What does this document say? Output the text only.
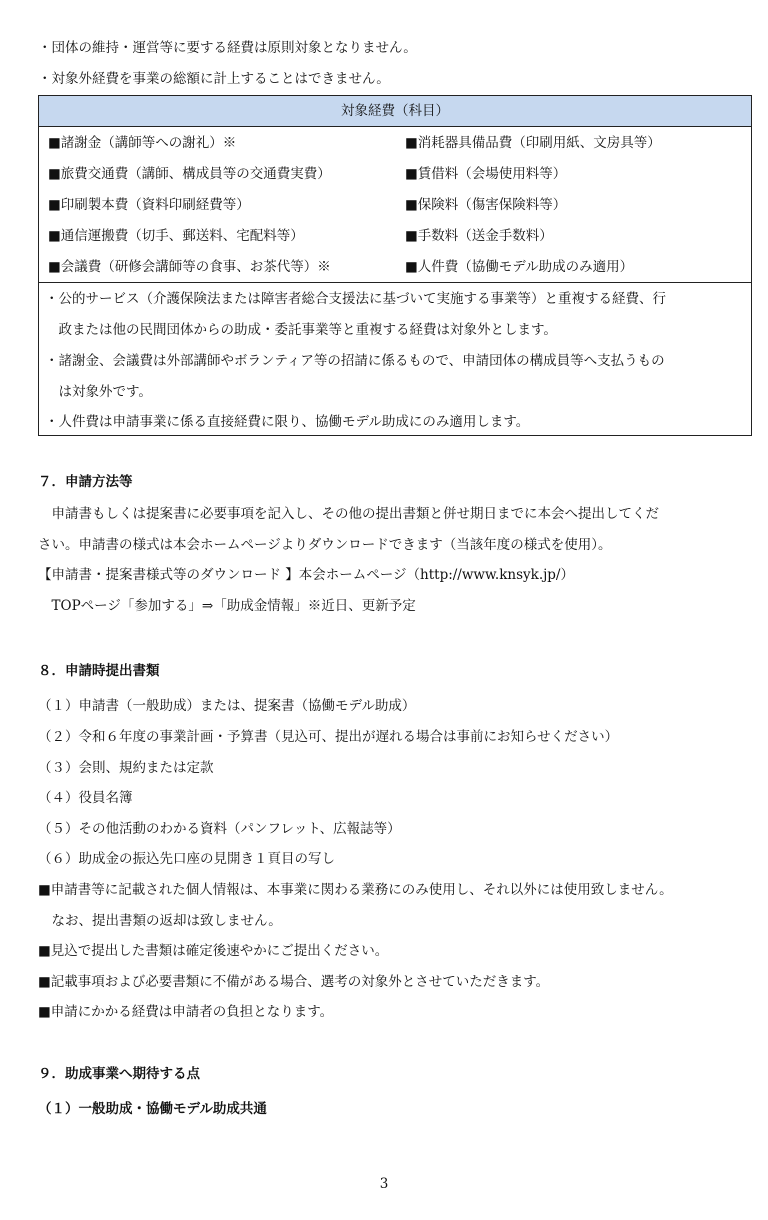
・団体の維持・運営等に要する経費は原則対象となりません。
・対象外経費を事業の総額に計上することはできません。
対象経費（科目）
■諸謝金（講師等への謝礼）※
■旅費交通費（講師、構成員等の交通費実費）
■印刷製本費（資料印刷経費等）
■通信運搬費（切手、郵送料、宅配料等）
■会議費（研修会講師等の食事、お茶代等）※
■消耗器具備品費（印刷用紙、文房具等）
■賃借料（会場使用料等）
■保険料（傷害保険料等）
■手数料（送金手数料）
■人件費（協働モデル助成のみ適用）
・公的サービス（介護保険法または障害者総合支援法に基づいて実施する事業等）と重複する経費、行
　政または他の民間団体からの助成・委託事業等と重複する経費は対象外とします。
・諸謝金、会議費は外部講師やボランティア等の招請に係るもので、申請団体の構成員等へ支払うもの
　は対象外です。
・人件費は申請事業に係る直接経費に限り、協働モデル助成にのみ適用します。
７．申請方法等
　申請書もしくは提案書に必要事項を記入し、その他の提出書類と併せ期日までに本会へ提出してくだ
さい。申請書の様式は本会ホームページよりダウンロードできます（当該年度の様式を使用）。
【申請書・提案書様式等のダウンロード 】本会ホームページ（http://www.knsyk.jp/）
　TOPページ「参加する」⇒「助成金情報」※近日、更新予定
８．申請時提出書類
（１）申請書（一般助成）または、提案書（協働モデル助成）
（２）令和６年度の事業計画・予算書（見込可、提出が遅れる場合は事前にお知らせください）
（３）会則、規約または定款
（４）役員名簿
（５）その他活動のわかる資料（パンフレット、広報誌等）
（６）助成金の振込先口座の見開き１頁目の写し
■申請書等に記載された個人情報は、本事業に関わる業務にのみ使用し、それ以外には使用致しません。
　なお、提出書類の返却は致しません。
■見込で提出した書類は確定後速やかにご提出ください。
■記載事項および必要書類に不備がある場合、選考の対象外とさせていただきます。
■申請にかかる経費は申請者の負担となります。
９．助成事業へ期待する点
（１）一般助成・協働モデル助成共通
3
